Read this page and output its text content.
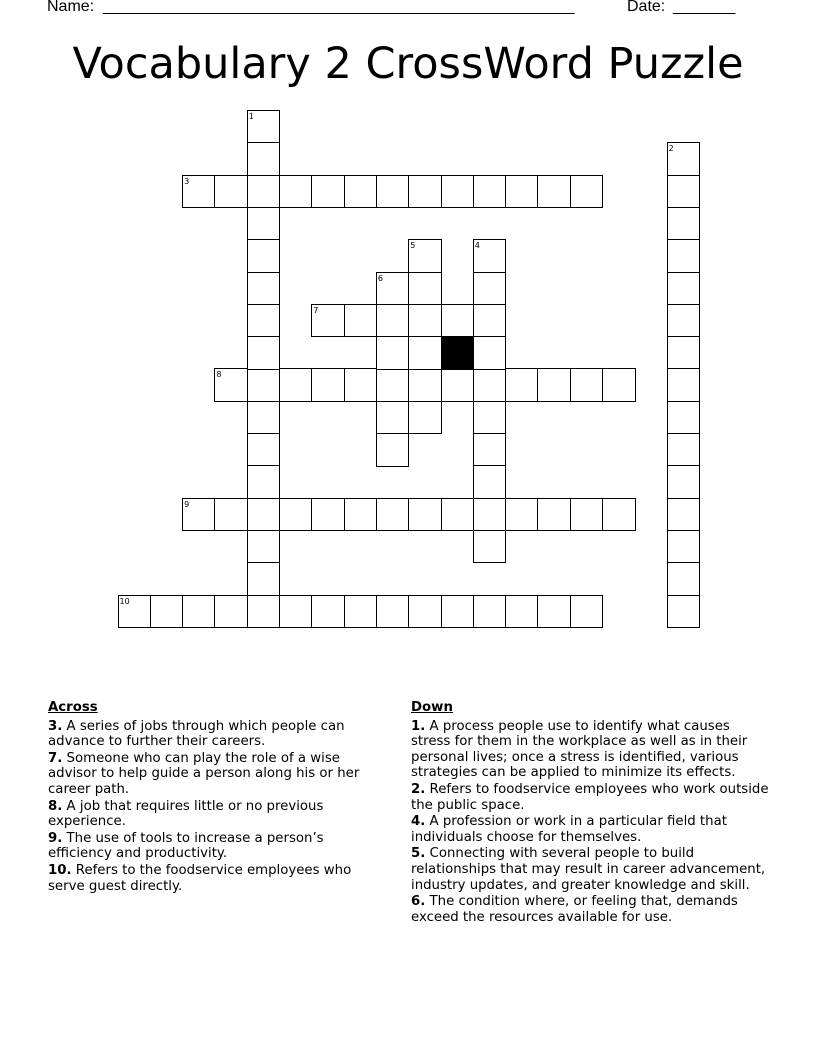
Name: _____________________________________________________	Date: _______
Vocabulary 2 CrossWord Puzzle
1
2
3
4
5
6
7
8
9
10
Across
3. A series of jobs through which people can advance to further their careers.
7. Someone who can play the role of a wise advisor to help guide a person along his or her career path.
8. A job that requires little or no previous experience.
9. The use of tools to increase a person’s efficiency and productivity.
10. Refers to the foodservice employees who serve guest directly.
Down
1. A process people use to identify what causes stress for them in the workplace as well as in their personal lives; once a stress is identified, various strategies can be applied to minimize its effects.
2. Refers to foodservice employees who work outside the public space.
4. A profession or work in a particular field that individuals choose for themselves.
5. Connecting with several people to build relationships that may result in career advancement, industry updates, and greater knowledge and skill.
6. The condition where, or feeling that, demands exceed the resources available for use.
